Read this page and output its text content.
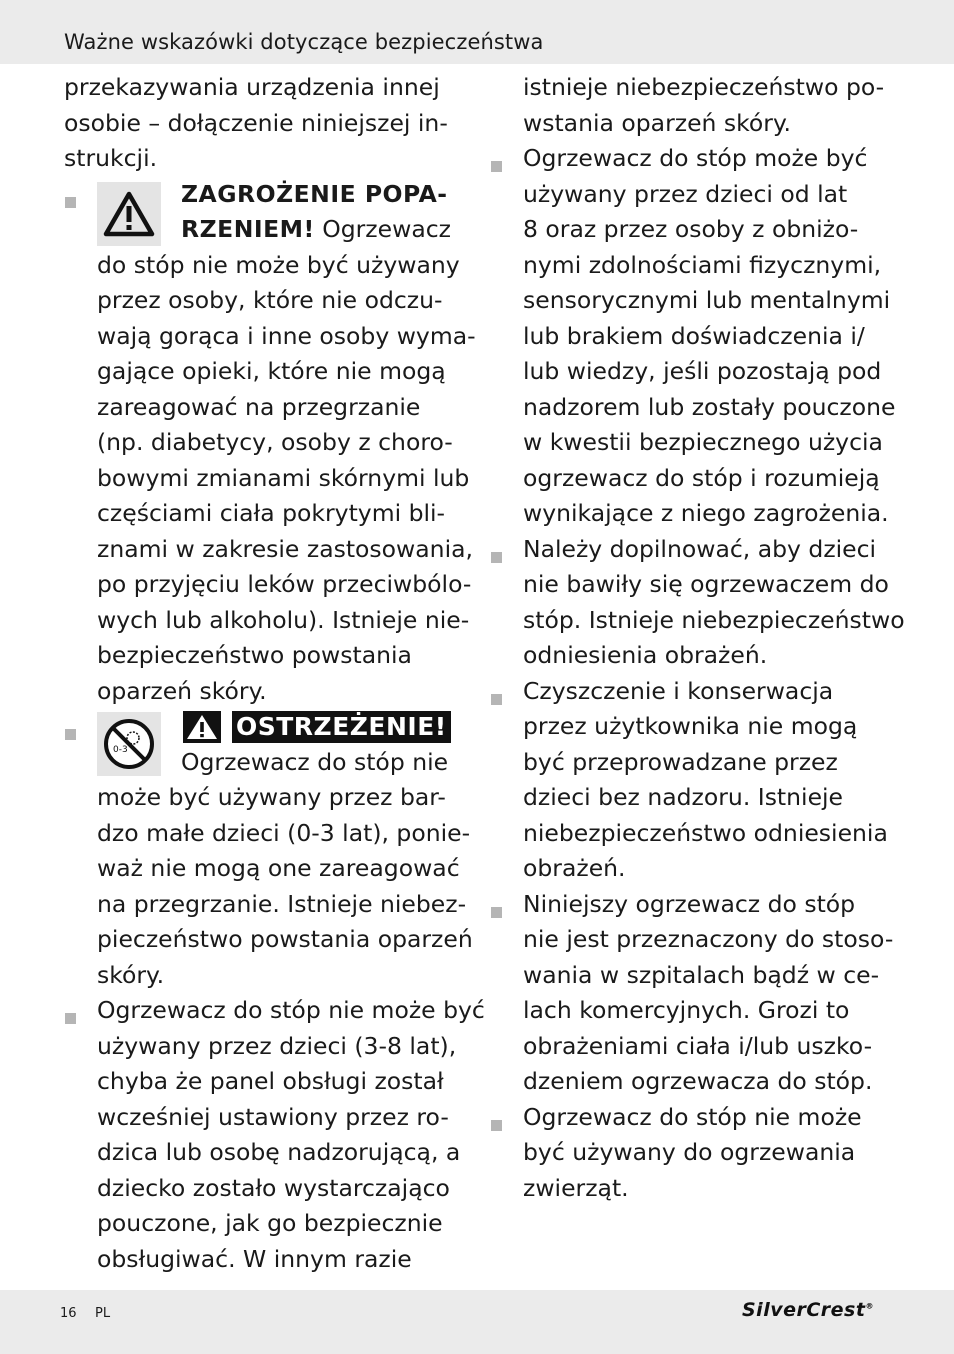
Ważne wskazówki dotyczące bezpieczeństwa
przekazywania urządzenia innej
osobie – dołączenie niniejszej in-
strukcji.
ZAGROŻENIE POPA-
RZENIEM! Ogrzewacz
do stóp nie może być używany
przez osoby, które nie odczu-
wają gorąca i inne osoby wyma-
gające opieki, które nie mogą
zareagować na przegrzanie
(np. diabetycy, osoby z choro-
bowymi zmianami skórnymi lub
częściami ciała pokrytymi bli-
znami w zakresie zastosowania,
po przyjęciu leków przeciwbólo-
wych lub alkoholu). Istnieje nie-
bezpieczeństwo powstania
oparzeń skóry.
0-3
OSTRZEŻENIE!
Ogrzewacz do stóp nie
może być używany przez bar-
dzo małe dzieci (0-3 lat), ponie-
waż nie mogą one zareagować
na przegrzanie. Istnieje niebez-
pieczeństwo powstania oparzeń
skóry.
Ogrzewacz do stóp nie może być
używany przez dzieci (3-8 lat),
chyba że panel obsługi został
wcześniej ustawiony przez ro-
dzica lub osobę nadzorującą, a
dziecko zostało wystarczająco
pouczone, jak go bezpiecznie
obsługiwać. W innym razie
istnieje niebezpieczeństwo po-
wstania oparzeń skóry.
Ogrzewacz do stóp może być
używany przez dzieci od lat
8 oraz przez osoby z obniżo-
nymi zdolnościami fizycznymi,
sensorycznymi lub mentalnymi
lub brakiem doświadczenia i/
lub wiedzy, jeśli pozostają pod
nadzorem lub zostały pouczone
w kwestii bezpiecznego użycia
ogrzewacz do stóp i rozumieją
wynikające z niego zagrożenia.
Należy dopilnować, aby dzieci
nie bawiły się ogrzewaczem do
stóp. Istnieje niebezpieczeństwo
odniesienia obrażeń.
Czyszczenie i konserwacja
przez użytkownika nie mogą
być przeprowadzane przez
dzieci bez nadzoru. Istnieje
niebezpieczeństwo odniesienia
obrażeń.
Niniejszy ogrzewacz do stóp
nie jest przeznaczony do stoso-
wania w szpitalach bądź w ce-
lach komercyjnych. Grozi to
obrażeniami ciała i/lub uszko-
dzeniem ogrzewacza do stóp.
Ogrzewacz do stóp nie może
być używany do ogrzewania
zwierząt.
16 PL	SilverCrest®
